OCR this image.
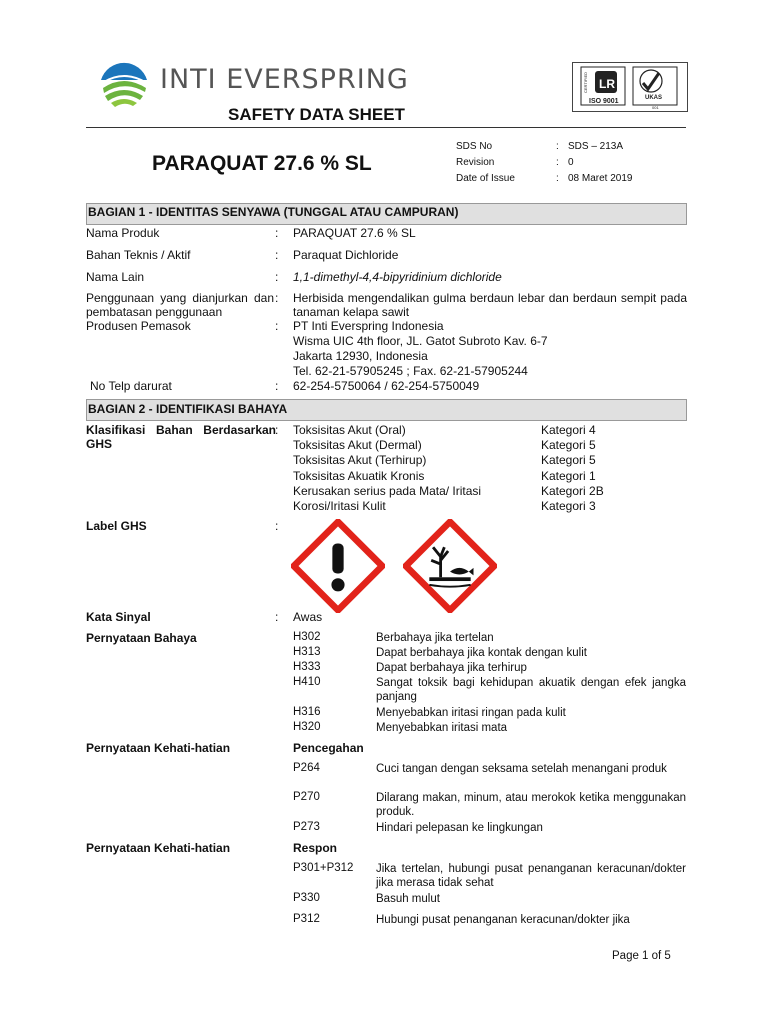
INTI EVERSPRING	LR
ISO 9001
CERTIFIED
UKAS
001
SAFETY DATA SHEET
PARAQUAT 27.6 % SL
SDS No	: SDS – 213A
Revision	: 0
Date of Issue	: 08 Maret 2019
BAGIAN 1 - IDENTITAS SENYAWA (TUNGGAL ATAU CAMPURAN)
Nama Produk	: PARAQUAT 27.6 % SL
Bahan Teknis / Aktif	: Paraquat Dichloride
Nama Lain	: 1,1-dimethyl-4,4-bipyridinium dichloride
Penggunaan yang dianjurkan dan pembatasan penggunaan
: Herbisida mengendalikan gulma berdaun lebar dan berdaun sempit pada tanaman kelapa sawit
Produsen Pemasok	: PT Inti Everspring Indonesia
Wisma UIC 4th floor, JL. Gatot Subroto Kav. 6-7
Jakarta 12930, Indonesia
Tel. 62-21-57905245 ; Fax. 62-21-57905244
No Telp darurat	: 62-254-5750064 / 62-254-5750049
BAGIAN 2 - IDENTIFIKASI BAHAYA
Klasifikasi Bahan Berdasarkan GHS
: Toksisitas Akut (Oral)	Kategori 4
Toksisitas Akut (Dermal)	Kategori 5
Toksisitas Akut (Terhirup)	Kategori 5
Toksisitas Akuatik Kronis	Kategori 1
Kerusakan serius pada Mata/ Iritasi	Kategori 2B
Korosi/Iritasi Kulit	Kategori 3
Label GHS	:
Kata Sinyal	: Awas
Pernyataan Bahaya	H302	Berbahaya jika tertelan
H313	Dapat berbahaya jika kontak dengan kulit
H333	Dapat berbahaya jika terhirup
H410	Sangat toksik bagi kehidupan akuatik dengan efek jangka panjang
H316	Menyebabkan iritasi ringan pada kulit
H320	Menyebabkan iritasi mata
Pernyataan Kehati-hatian	Pencegahan
P264	Cuci tangan dengan seksama setelah menangani produk
P270	Dilarang makan, minum, atau merokok ketika menggunakan produk.
P273	Hindari pelepasan ke lingkungan
Pernyataan Kehati-hatian	Respon
P301+P312 Jika tertelan, hubungi pusat penanganan keracunan/dokter jika merasa tidak sehat
P330	Basuh mulut
P312	Hubungi pusat penanganan keracunan/dokter jika
Page 1 of 5
